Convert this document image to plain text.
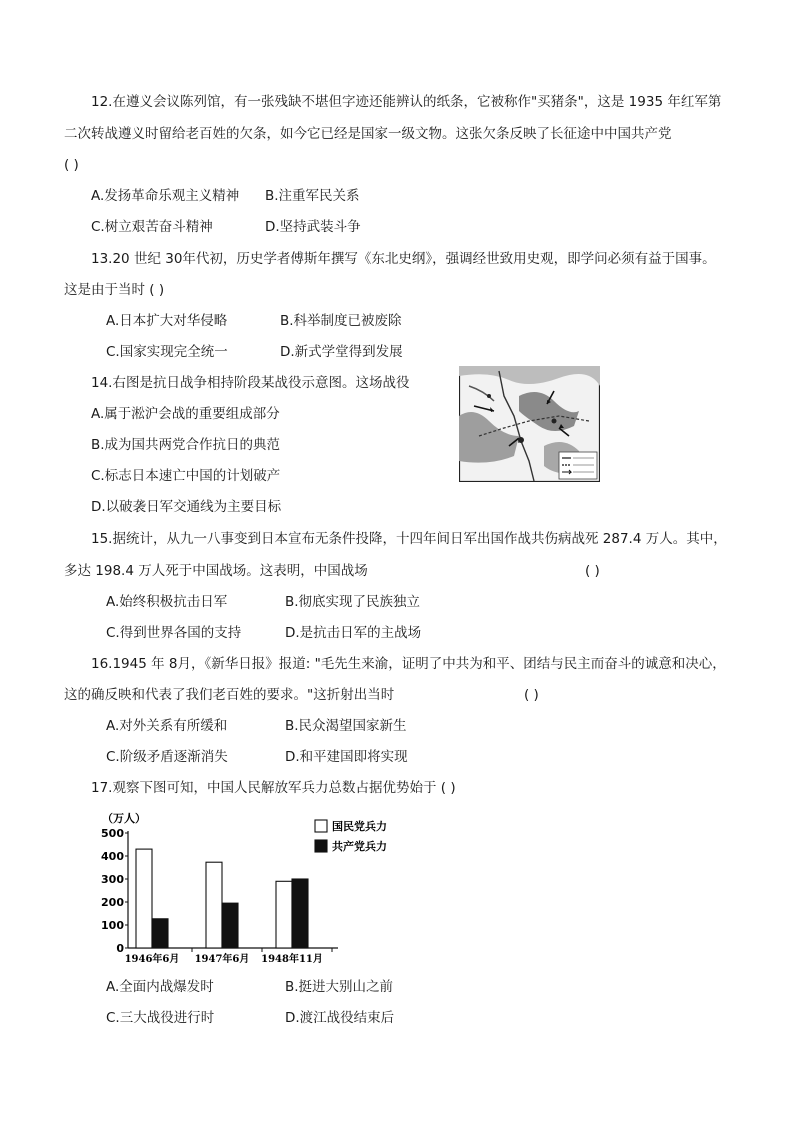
12.在遵义会议陈列馆，有一张残缺不堪但字迹还能辨认的纸条，它被称作"买猪条"，这是 1935 年红军第
二次转战遵义时留给老百姓的欠条，如今它已经是国家一级文物。这张欠条反映了长征途中中国共产党
( )
A.发扬革命乐观主义精神 B.注重军民关系
C.树立艰苦奋斗精神	D.坚持武装斗争
13.20 世纪 30年代初，历史学者傅斯年撰写《东北史纲》，强调经世致用史观，即学问必须有益于国事。
这是由于当时 ( )
A.日本扩大对华侵略	B.科举制度已被废除
C.国家实现完全统一	D.新式学堂得到发展
14.右图是抗日战争相持阶段某战役示意图。这场战役
A.属于淞沪会战的重要组成部分
B.成为国共两党合作抗日的典范
C.标志日本速亡中国的计划破产
D.以破袭日军交通线为主要目标
15.据统计，从九一八事变到日本宣布无条件投降，十四年间日军出国作战共伤病战死 287.4 万人。其中，
多达 198.4 万人死于中国战场。这表明，中国战场	( )
A.始终积极抗击日军	B.彻底实现了民族独立
C.得到世界各国的支持	D.是抗击日军的主战场
16.1945 年 8月，《新华日报》报道: "毛先生来渝，证明了中共为和平、团结与民主而奋斗的诚意和决心，
这的确反映和代表了我们老百姓的要求。"这折射出当时	( )
A.对外关系有所缓和	B.民众渴望国家新生
C.阶级矛盾逐渐消失	D.和平建国即将实现
17.观察下图可知，中国人民解放军兵力总数占据优势始于 ( )
（万人）
0
100
200
300
400
500
1946年6月 1947年6月 1948年11月
国民党兵力
共产党兵力
A.全面内战爆发时	B.挺进大别山之前
C.三大战役进行时	D.渡江战役结束后
